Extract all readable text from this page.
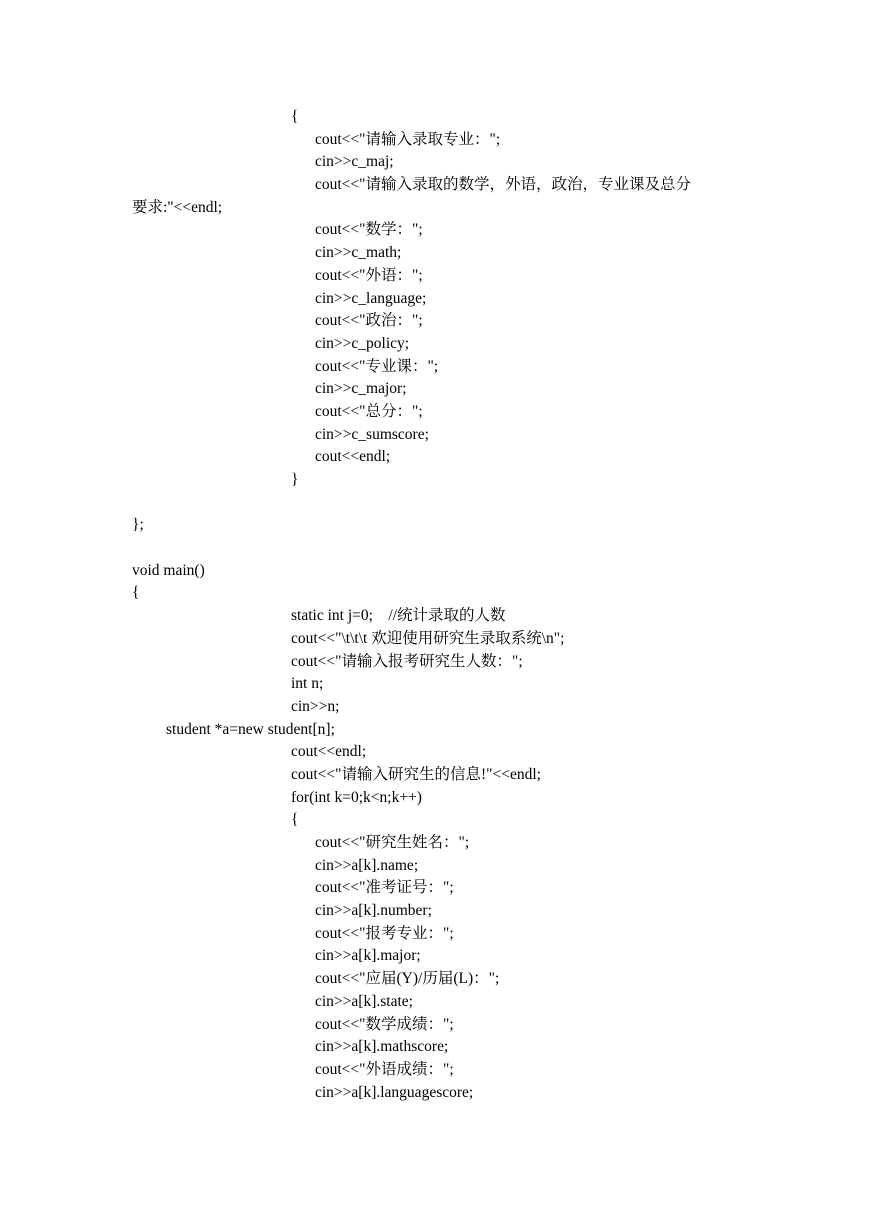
{
cout<<"请输入录取专业：";
cin>>c_maj;
cout<<"请输入录取的数学，外语，政治，专业课及总分
要求:"<<endl;
cout<<"数学：";
cin>>c_math;
cout<<"外语：";
cin>>c_language;
cout<<"政治：";
cin>>c_policy;
cout<<"专业课：";
cin>>c_major;
cout<<"总分：";
cin>>c_sumscore;
cout<<endl;
}
};
void main()
{
static int j=0;    //统计录取的人数
cout<<"\t\t\t 欢迎使用研究生录取系统\n";
cout<<"请输入报考研究生人数：";
int n;
cin>>n;
student *a=new student[n];
cout<<endl;
cout<<"请输入研究生的信息!"<<endl;
for(int k=0;k<n;k++)
{
cout<<"研究生姓名：";
cin>>a[k].name;
cout<<"准考证号：";
cin>>a[k].number;
cout<<"报考专业：";
cin>>a[k].major;
cout<<"应届(Y)/历届(L)：";
cin>>a[k].state;
cout<<"数学成绩：";
cin>>a[k].mathscore;
cout<<"外语成绩：";
cin>>a[k].languagescore;
